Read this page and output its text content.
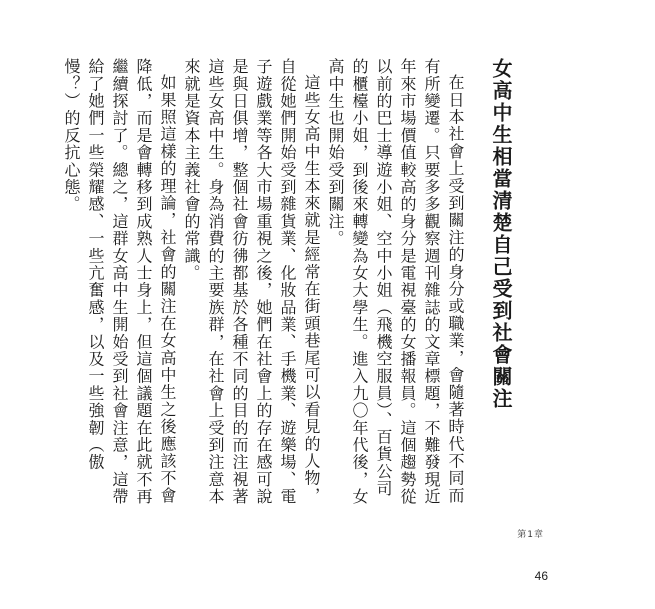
女高中生相當清楚自己受到社會關注

在日本社會上受到關注的身分或職業，會隨著時代不同而有所變遷。只要多多觀察週刊雜誌的文章標題，不難發現近年來市場價值較高的身分是電視臺的女播報員。這個趨勢從以前的巴士導遊小姐、空中小姐（飛機空服員）、百貨公司的櫃檯小姐，到後來轉變為女大學生。進入九〇年代後，女高中生也開始受到關注。

這些女高中生本來就是經常在街頭巷尾可以看見的人物，自從她們開始受到雜貨業、化妝品業、手機業、遊樂場、電子遊戲業等各大市場重視之後，她們在社會上的存在感可說是與日俱增，整個社會彷彿都基於各種不同的目的而注視著這些女高中生。身為消費的主要族群，在社會上受到注意本來就是資本主義社會的常識。

如果照這樣的理論，社會的關注在女高中生之後應該不會降低，而是會轉移到成熟人士身上，但這個議題在此就不再繼續探討了。總之，這群女高中生開始受到社會注意，這帶給了她們一些榮耀感、一些亢奮感，以及一些強韌（傲慢？）的反抗心態。

第1章
46
